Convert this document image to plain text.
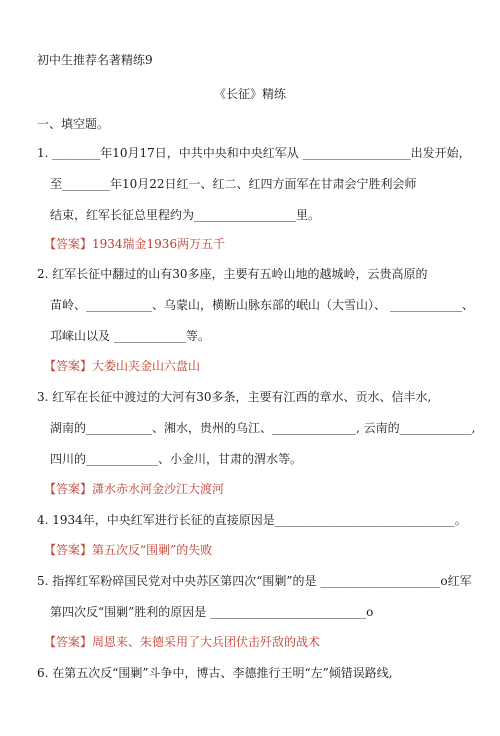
初中生推荐名著精练9
《长征》精练
一、填空题。
1. ________年10月17日，中共中央和中央红军从 __________________出发开始，
至________年10月22日红一、红二、红四方面军在甘肃会宁胜利会师
结束，红军长征总里程约为_________________里。
【答案】1934瑞金1936两万五千
2. 红军长征中翻过的山有30多座，主要有五岭山地的越城岭，云贵高原的
苗岭、___________、乌蒙山，横断山脉东部的岷山（大雪山）、 ____________、
邛崃山以及 ____________等。
【答案】大娄山夹金山六盘山
3. 红军在长征中渡过的大河有30多条，主要有江西的章水、贡水、信丰水,
湖南的___________、湘水，贵州的乌江、______________, 云南的____________,
四川的____________、小金川，甘肃的渭水等。
【答案】潇水赤水河金沙江大渡河
4. 1934年，中央红军进行长征的直接原因是______________________________。
【答案】第五次反“围剿”的失败
5. 指挥红军粉碎国民党对中央苏区第四次“围剿”的是 ____________________o红军
第四次反“围剿”胜利的原因是 __________________________o
【答案】周恩来、朱德采用了大兵团伏击歼敌的战术
6. 在第五次反“围剿”斗争中，博古、李德推行王明“左”倾错误路线,
